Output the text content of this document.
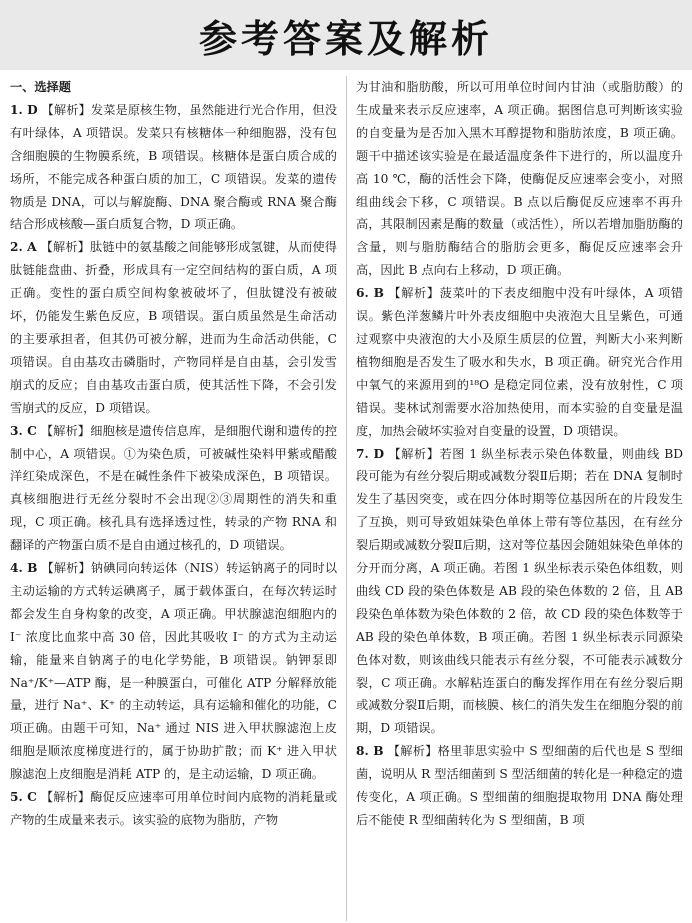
参考答案及解析
一、选择题

1. D 【解析】发菜是原核生物，虽然能进行光合作用，但没有叶绿体，A 项错误。发菜只有核糖体一种细胞器，没有包含细胞膜的生物膜系统，B 项错误。核糖体是蛋白质合成的场所，不能完成各种蛋白质的加工，C 项错误。发菜的遗传物质是 DNA，可以与解旋酶、DNA 聚合酶或 RNA 聚合酶结合形成核酸—蛋白质复合物，D 项正确。

2. A 【解析】肽链中的氨基酸之间能够形成氢键，从而使得肽链能盘曲、折叠，形成具有一定空间结构的蛋白质，A 项正确。变性的蛋白质空间构象被破坏了，但肽键没有被破坏，仍能发生紫色反应，B 项错误。蛋白质虽然是生命活动的主要承担者，但其仍可被分解，进而为生命活动供能，C 项错误。自由基攻击磷脂时，产物同样是自由基，会引发雪崩式的反应；自由基攻击蛋白质，使其活性下降，不会引发雪崩式的反应，D 项错误。

3. C 【解析】细胞核是遗传信息库，是细胞代谢和遗传的控制中心，A 项错误。①为染色质，可被碱性染料甲紫或醋酸洋红染成深色，不是在碱性条件下被染成深色，B 项错误。真核细胞进行无丝分裂时不会出现②③周期性的消失和重现，C 项正确。核孔具有选择透过性，转录的产物 RNA 和翻译的产物蛋白质不是自由通过核孔的，D 项错误。

4. B 【解析】钠碘同向转运体（NIS）转运钠离子的同时以主动运输的方式转运碘离子，属于载体蛋白，在每次转运时都会发生自身构象的改变，A 项正确。甲状腺滤泡细胞内的 I⁻ 浓度比血浆中高 30 倍，因此其吸收 I⁻ 的方式为主动运输，能量来自钠离子的电化学势能，B 项错误。钠钾泵即 Na⁺/K⁺—ATP 酶，是一种膜蛋白，可催化 ATP 分解释放能量，进行 Na⁺、K⁺ 的主动转运，具有运输和催化的功能，C 项正确。由题干可知，Na⁺ 通过 NIS 进入甲状腺滤泡上皮细胞是顺浓度梯度进行的，属于协助扩散；而 K⁺ 进入甲状腺滤泡上皮细胞是消耗 ATP 的，是主动运输，D 项正确。

5. C 【解析】酶促反应速率可用单位时间内底物的消耗量或产物的生成量来表示。该实验的底物为脂肪，产物

为甘油和脂肪酸，所以可用单位时间内甘油（或脂肪酸）的生成量来表示反应速率，A 项正确。据图信息可判断该实验的自变量为是否加入黑木耳醇提物和脂肪浓度，B 项正确。题干中描述该实验是在最适温度条件下进行的，所以温度升高 10 ℃，酶的活性会下降，使酶促反应速率会变小，对照组曲线会下移，C 项错误。B 点以后酶促反应速率不再升高，其限制因素是酶的数量（或活性），所以若增加脂肪酶的含量，则与脂肪酶结合的脂肪会更多，酶促反应速率会升高，因此 B 点向右上移动，D 项正确。

6. B 【解析】菠菜叶的下表皮细胞中没有叶绿体，A 项错误。紫色洋葱鳞片叶外表皮细胞中央液泡大且呈紫色，可通过观察中央液泡的大小及原生质层的位置，判断大小来判断植物细胞是否发生了吸水和失水，B 项正确。研究光合作用中氧气的来源用到的¹⁸O 是稳定同位素，没有放射性，C 项错误。斐林试剂需要水浴加热使用，而本实验的自变量是温度，加热会破坏实验对自变量的设置，D 项错误。

7. D 【解析】若图 1 纵坐标表示染色体数量，则曲线 BD 段可能为有丝分裂后期或减数分裂Ⅱ后期；若在 DNA 复制时发生了基因突变，或在四分体时期等位基因所在的片段发生了互换，则可导致姐妹染色单体上带有等位基因，在有丝分裂后期或减数分裂Ⅱ后期，这对等位基因会随姐妹染色单体的分开而分离，A 项正确。若图 1 纵坐标表示染色体组数，则曲线 CD 段的染色体数是 AB 段的染色体数的 2 倍，且 AB 段染色单体数为染色体数的 2 倍，故 CD 段的染色体数等于 AB 段的染色单体数，B 项正确。若图 1 纵坐标表示同源染色体对数，则该曲线只能表示有丝分裂，不可能表示减数分裂，C 项正确。水解粘连蛋白的酶发挥作用在有丝分裂后期或减数分裂Ⅱ后期，而核膜、核仁的消失发生在细胞分裂的前期，D 项错误。

8. B 【解析】格里菲思实验中 S 型细菌的后代也是 S 型细菌，说明从 R 型活细菌到 S 型活细菌的转化是一种稳定的遗传变化，A 项正确。S 型细菌的细胞提取物用 DNA 酶处理后不能使 R 型细菌转化为 S 型细菌，B 项
